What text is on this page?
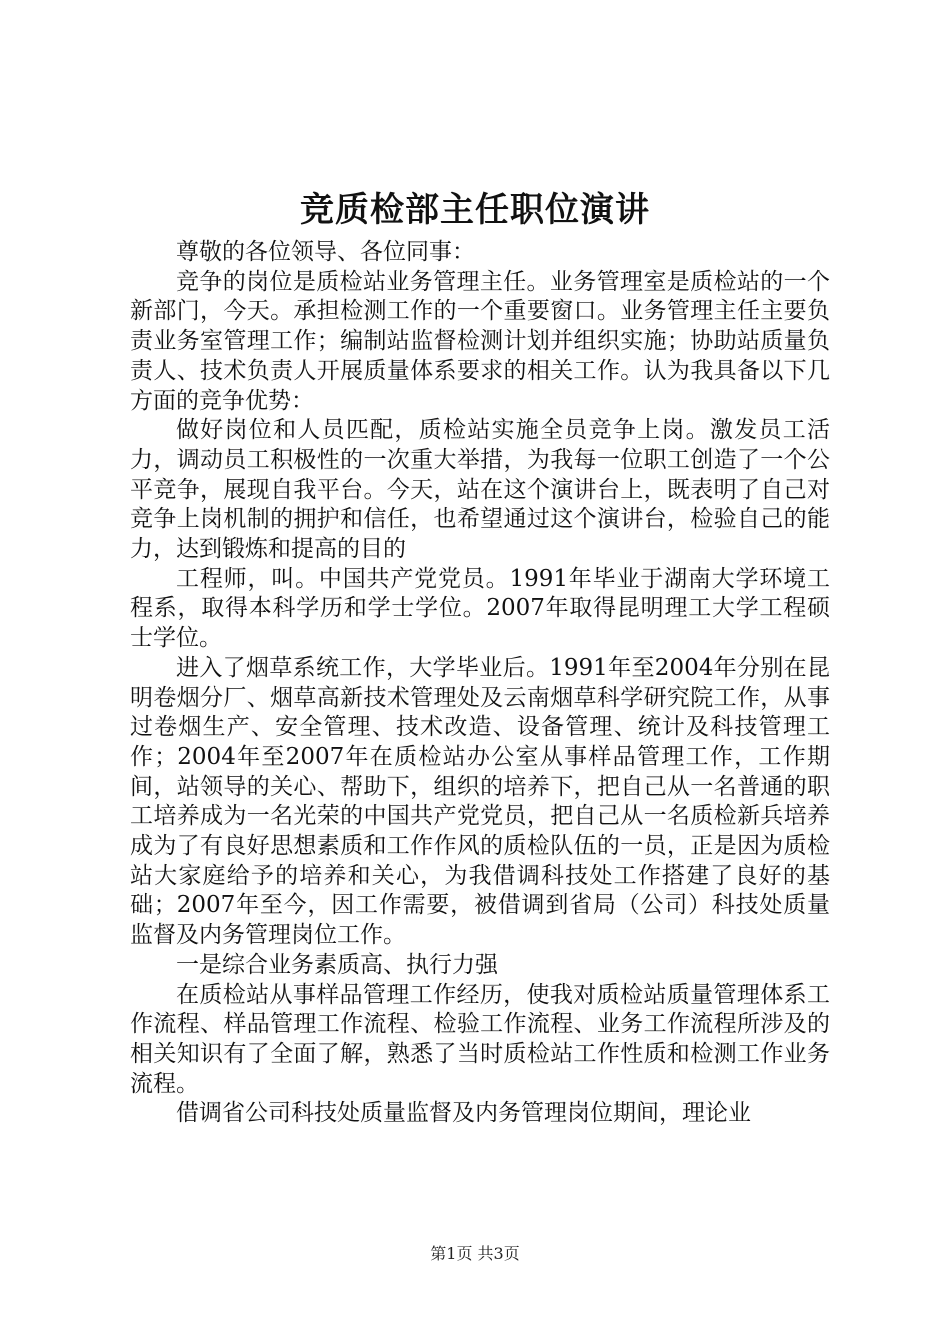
竞质检部主任职位演讲

尊敬的各位领导、各位同事：

竞争的岗位是质检站业务管理主任。业务管理室是质检站的一个新部门，今天。承担检测工作的一个重要窗口。业务管理主任主要负责业务室管理工作；编制站监督检测计划并组织实施；协助站质量负责人、技术负责人开展质量体系要求的相关工作。认为我具备以下几方面的竞争优势：

做好岗位和人员匹配，质检站实施全员竞争上岗。激发员工活力，调动员工积极性的一次重大举措，为我每一位职工创造了一个公平竞争，展现自我平台。今天，站在这个演讲台上，既表明了自己对竞争上岗机制的拥护和信任，也希望通过这个演讲台，检验自己的能力，达到锻炼和提高的目的

工程师，叫。中国共产党党员。1991年毕业于湖南大学环境工程系，取得本科学历和学士学位。2007年取得昆明理工大学工程硕士学位。

进入了烟草系统工作，大学毕业后。1991年至2004年分别在昆明卷烟分厂、烟草高新技术管理处及云南烟草科学研究院工作，从事过卷烟生产、安全管理、技术改造、设备管理、统计及科技管理工作；2004年至2007年在质检站办公室从事样品管理工作，工作期间，站领导的关心、帮助下，组织的培养下，把自己从一名普通的职工培养成为一名光荣的中国共产党党员，把自己从一名质检新兵培养成为了有良好思想素质和工作作风的质检队伍的一员，正是因为质检站大家庭给予的培养和关心，为我借调科技处工作搭建了良好的基础；2007年至今，因工作需要，被借调到省局（公司）科技处质量监督及内务管理岗位工作。

一是综合业务素质高、执行力强

在质检站从事样品管理工作经历，使我对质检站质量管理体系工作流程、样品管理工作流程、检验工作流程、业务工作流程所涉及的相关知识有了全面了解，熟悉了当时质检站工作性质和检测工作业务流程。

借调省公司科技处质量监督及内务管理岗位期间，理论业

第1页 共3页
